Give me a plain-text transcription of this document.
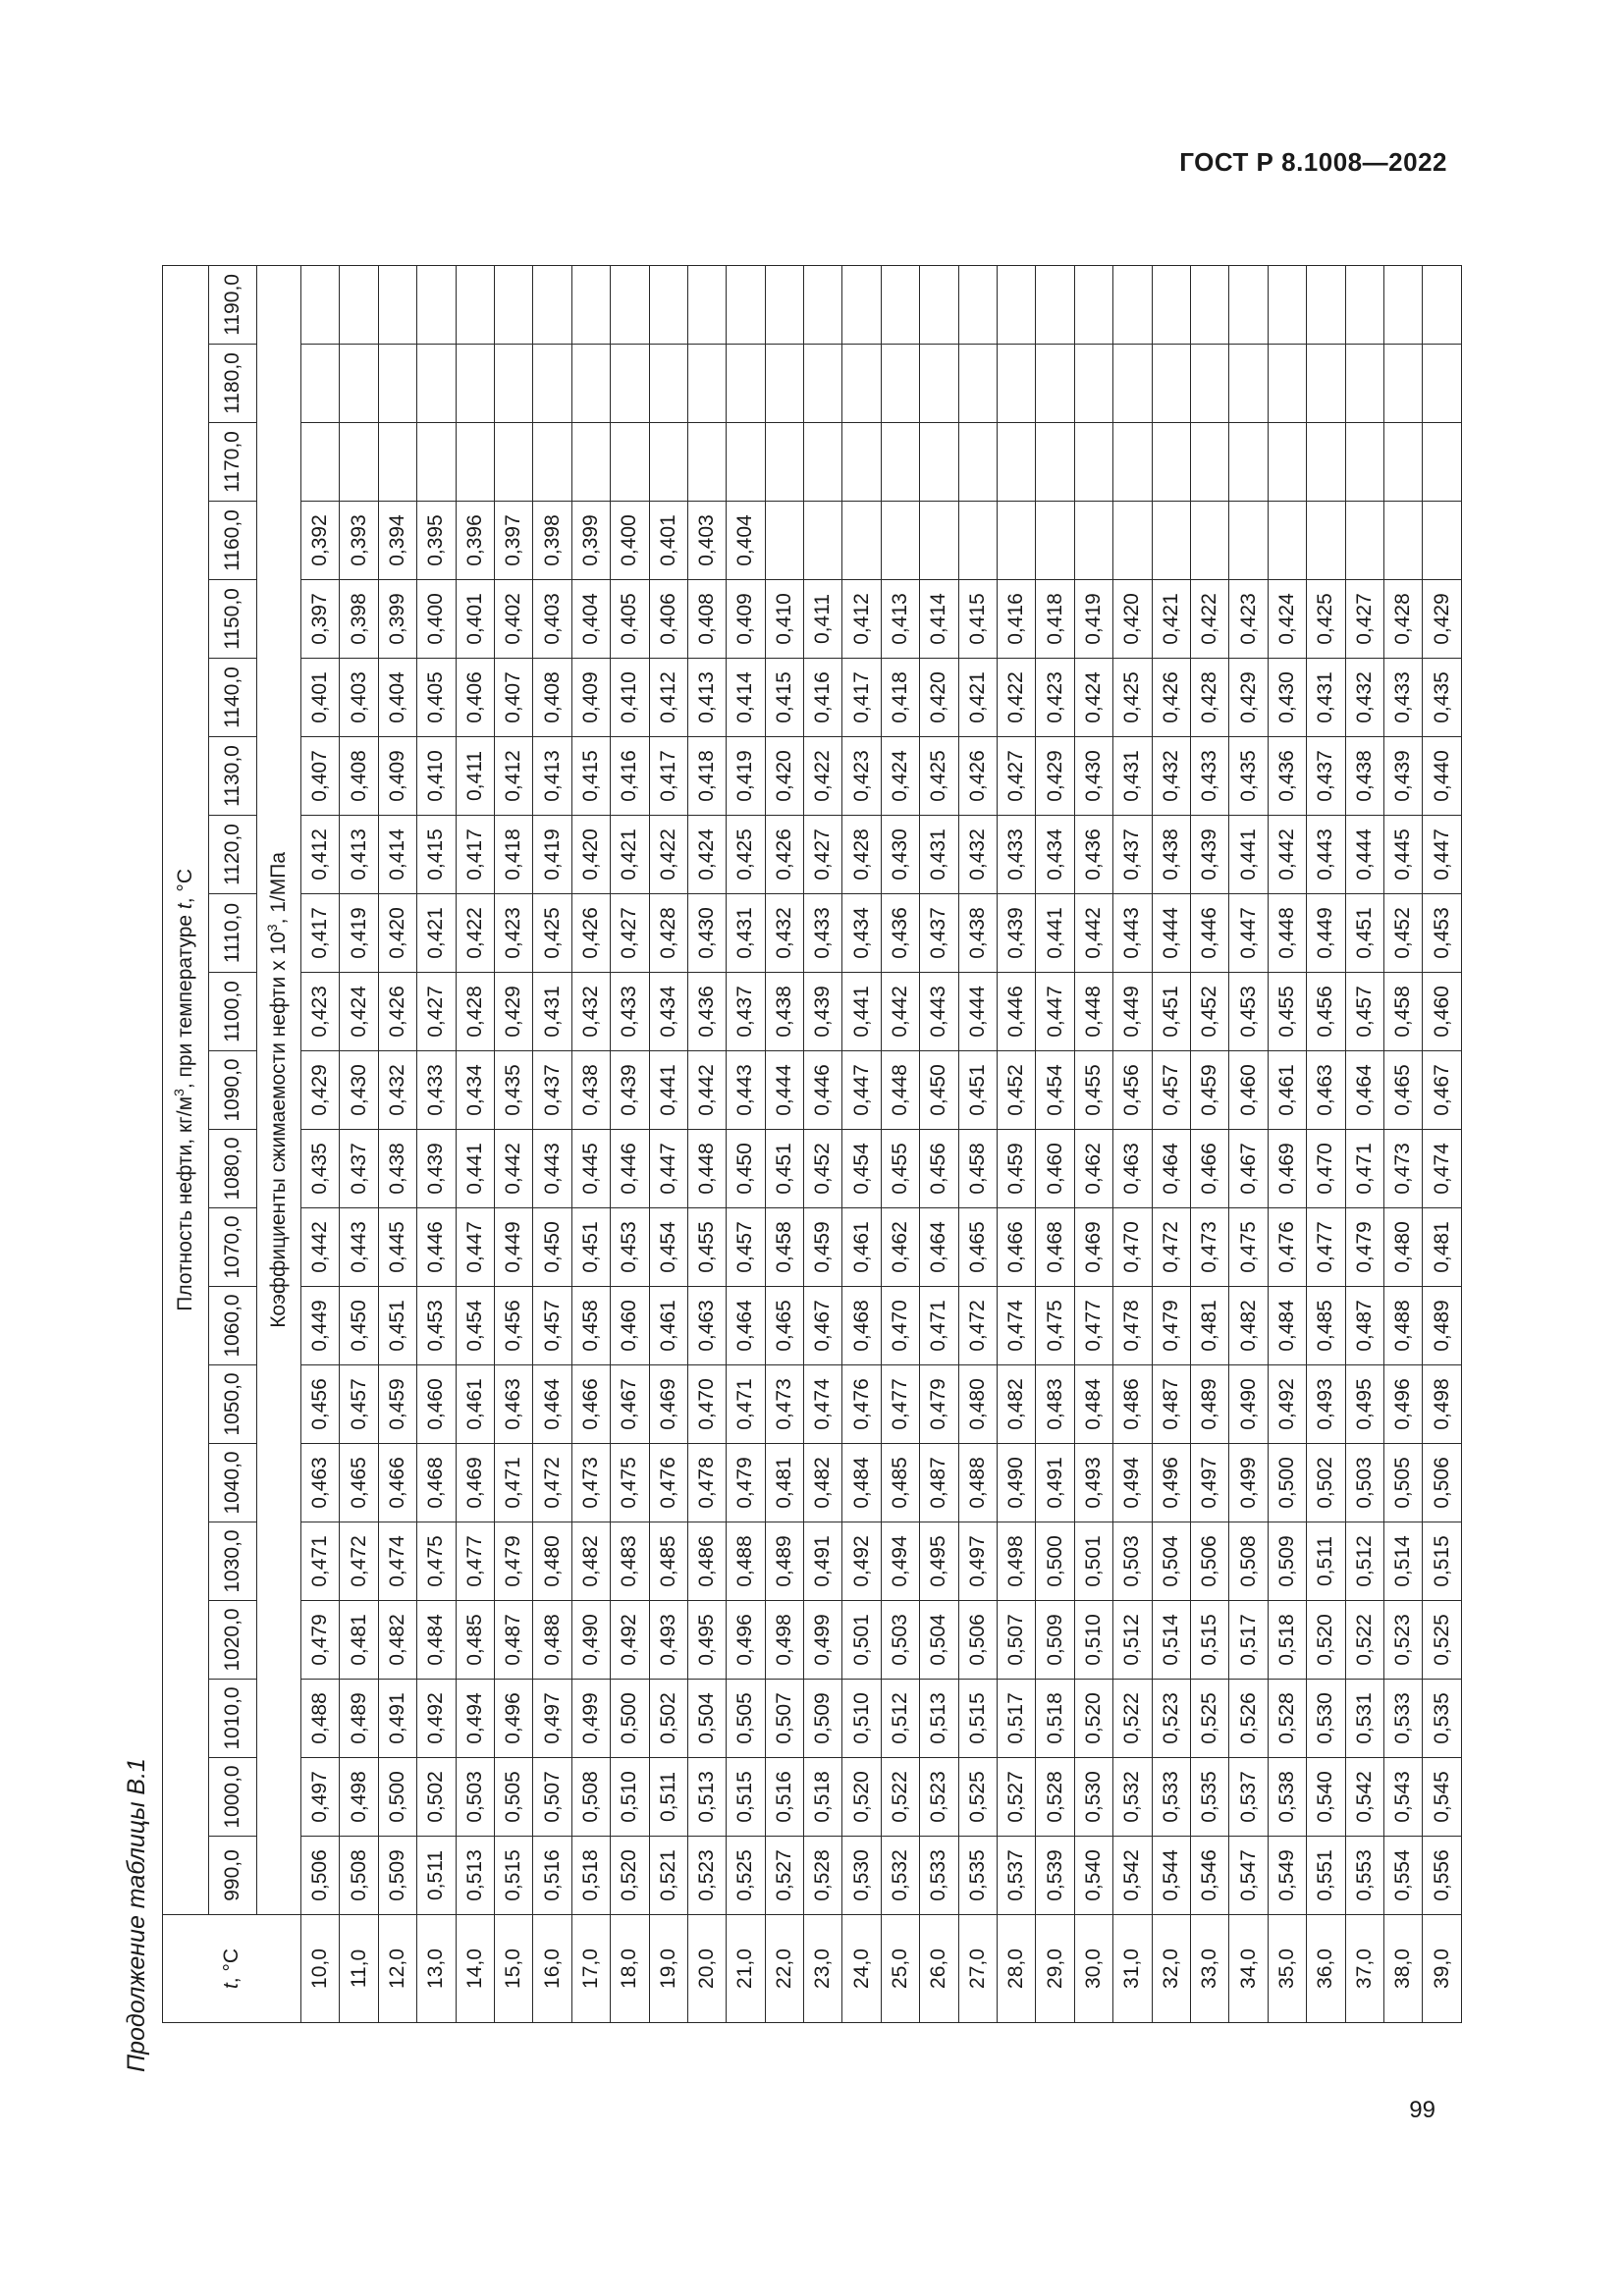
ГОСТ Р 8.1008—2022
99
Продолжение таблицы В.1	t, °С	Плотность нефти, $кг/м^3$, при температуре t, °С																				
	990,0	1000,0	1010,0	1020,0	1030,0	1040,0	1050,0	1060,0	1070,0	1080,0	1090,0	1100,0	1110,0	1120,0	1130,0	1140,0	1150,0	1160,0	1170,0	1180,0	1190,0
	Коэффициенты сжимаемости нефти х $10^3$, 1/МПа																				
10,0	0,506	0,497	0,488	0,479	0,471	0,463	0,456	0,449	0,442	0,435	0,429	0,423	0,417	0,412	0,407	0,401	0,397	0,392			
11,0	0,508	0,498	0,489	0,481	0,472	0,465	0,457	0,450	0,443	0,437	0,430	0,424	0,419	0,413	0,408	0,403	0,398	0,393			
12,0	0,509	0,500	0,491	0,482	0,474	0,466	0,459	0,451	0,445	0,438	0,432	0,426	0,420	0,414	0,409	0,404	0,399	0,394			
13,0	0,511	0,502	0,492	0,484	0,475	0,468	0,460	0,453	0,446	0,439	0,433	0,427	0,421	0,415	0,410	0,405	0,400	0,395			
14,0	0,513	0,503	0,494	0,485	0,477	0,469	0,461	0,454	0,447	0,441	0,434	0,428	0,422	0,417	0,411	0,406	0,401	0,396			
15,0	0,515	0,505	0,496	0,487	0,479	0,471	0,463	0,456	0,449	0,442	0,435	0,429	0,423	0,418	0,412	0,407	0,402	0,397			
16,0	0,516	0,507	0,497	0,488	0,480	0,472	0,464	0,457	0,450	0,443	0,437	0,431	0,425	0,419	0,413	0,408	0,403	0,398			
17,0	0,518	0,508	0,499	0,490	0,482	0,473	0,466	0,458	0,451	0,445	0,438	0,432	0,426	0,420	0,415	0,409	0,404	0,399			
18,0	0,520	0,510	0,500	0,492	0,483	0,475	0,467	0,460	0,453	0,446	0,439	0,433	0,427	0,421	0,416	0,410	0,405	0,400			
19,0	0,521	0,511	0,502	0,493	0,485	0,476	0,469	0,461	0,454	0,447	0,441	0,434	0,428	0,422	0,417	0,412	0,406	0,401			
20,0	0,523	0,513	0,504	0,495	0,486	0,478	0,470	0,463	0,455	0,448	0,442	0,436	0,430	0,424	0,418	0,413	0,408	0,403			
21,0	0,525	0,515	0,505	0,496	0,488	0,479	0,471	0,464	0,457	0,450	0,443	0,437	0,431	0,425	0,419	0,414	0,409	0,404			
22,0	0,527	0,516	0,507	0,498	0,489	0,481	0,473	0,465	0,458	0,451	0,444	0,438	0,432	0,426	0,420	0,415	0,410				
23,0	0,528	0,518	0,509	0,499	0,491	0,482	0,474	0,467	0,459	0,452	0,446	0,439	0,433	0,427	0,422	0,416	0,411				
24,0	0,530	0,520	0,510	0,501	0,492	0,484	0,476	0,468	0,461	0,454	0,447	0,441	0,434	0,428	0,423	0,417	0,412				
25,0	0,532	0,522	0,512	0,503	0,494	0,485	0,477	0,470	0,462	0,455	0,448	0,442	0,436	0,430	0,424	0,418	0,413				
26,0	0,533	0,523	0,513	0,504	0,495	0,487	0,479	0,471	0,464	0,456	0,450	0,443	0,437	0,431	0,425	0,420	0,414				
27,0	0,535	0,525	0,515	0,506	0,497	0,488	0,480	0,472	0,465	0,458	0,451	0,444	0,438	0,432	0,426	0,421	0,415				
28,0	0,537	0,527	0,517	0,507	0,498	0,490	0,482	0,474	0,466	0,459	0,452	0,446	0,439	0,433	0,427	0,422	0,416				
29,0	0,539	0,528	0,518	0,509	0,500	0,491	0,483	0,475	0,468	0,460	0,454	0,447	0,441	0,434	0,429	0,423	0,418				
30,0	0,540	0,530	0,520	0,510	0,501	0,493	0,484	0,477	0,469	0,462	0,455	0,448	0,442	0,436	0,430	0,424	0,419				
31,0	0,542	0,532	0,522	0,512	0,503	0,494	0,486	0,478	0,470	0,463	0,456	0,449	0,443	0,437	0,431	0,425	0,420				
32,0	0,544	0,533	0,523	0,514	0,504	0,496	0,487	0,479	0,472	0,464	0,457	0,451	0,444	0,438	0,432	0,426	0,421				
33,0	0,546	0,535	0,525	0,515	0,506	0,497	0,489	0,481	0,473	0,466	0,459	0,452	0,446	0,439	0,433	0,428	0,422				
34,0	0,547	0,537	0,526	0,517	0,508	0,499	0,490	0,482	0,475	0,467	0,460	0,453	0,447	0,441	0,435	0,429	0,423				
35,0	0,549	0,538	0,528	0,518	0,509	0,500	0,492	0,484	0,476	0,469	0,461	0,455	0,448	0,442	0,436	0,430	0,424				
36,0	0,551	0,540	0,530	0,520	0,511	0,502	0,493	0,485	0,477	0,470	0,463	0,456	0,449	0,443	0,437	0,431	0,425				
37,0	0,553	0,542	0,531	0,522	0,512	0,503	0,495	0,487	0,479	0,471	0,464	0,457	0,451	0,444	0,438	0,432	0,427				
38,0	0,554	0,543	0,533	0,523	0,514	0,505	0,496	0,488	0,480	0,473	0,465	0,458	0,452	0,445	0,439	0,433	0,428				
39,0	0,556	0,545	0,535	0,525	0,515	0,506	0,498	0,489	0,481	0,474	0,467	0,460	0,453	0,447	0,440	0,435	0,429				
